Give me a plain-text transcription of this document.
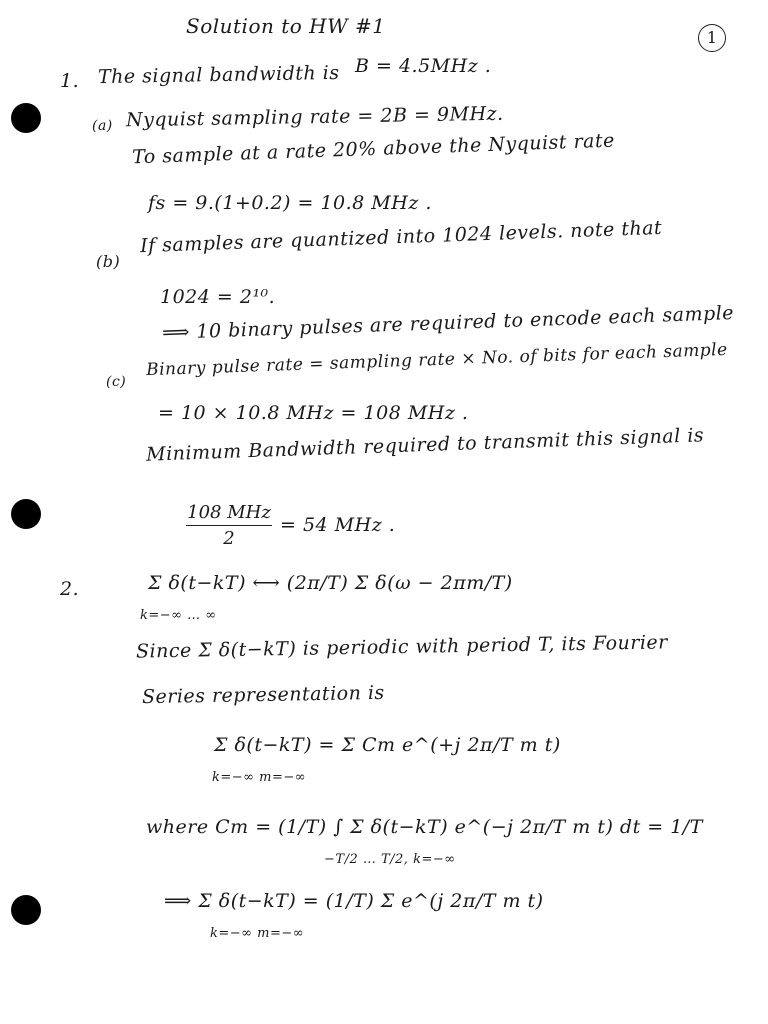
Solution to HW #1	1
1. The signal bandwidth is B = 4.5MHz .
(a) Nyquist sampling rate = 2B = 9MHz.
To sample at a rate 20% above the Nyquist rate
fs = 9.(1+0.2) = 10.8 MHz .
(b)
If samples are quantized into 1024 levels. note that
1024 = 2¹⁰.
⟹ 10 binary pulses are required to encode each sample
(c)
Binary pulse rate = sampling rate × No. of bits for each sample
= 10 × 10.8 MHz = 108 MHz .
Minimum Bandwidth required to transmit this signal is
108 MHz
2
= 54 MHz .
2.	Σ δ(t−kT) ⟷ (2π/T) Σ δ(ω − 2πm/T)
k=−∞ … ∞
Since Σ δ(t−kT) is periodic with period T, its Fourier
Series representation is
Σ δ(t−kT) = Σ Cm e^(+j 2π/T m t)
k=−∞ m=−∞
where Cm = (1/T) ∫ Σ δ(t−kT) e^(−j 2π/T m t) dt = 1/T
−T/2 … T/2, k=−∞
⟹ Σ δ(t−kT) = (1/T) Σ e^(j 2π/T m t)
k=−∞ m=−∞
